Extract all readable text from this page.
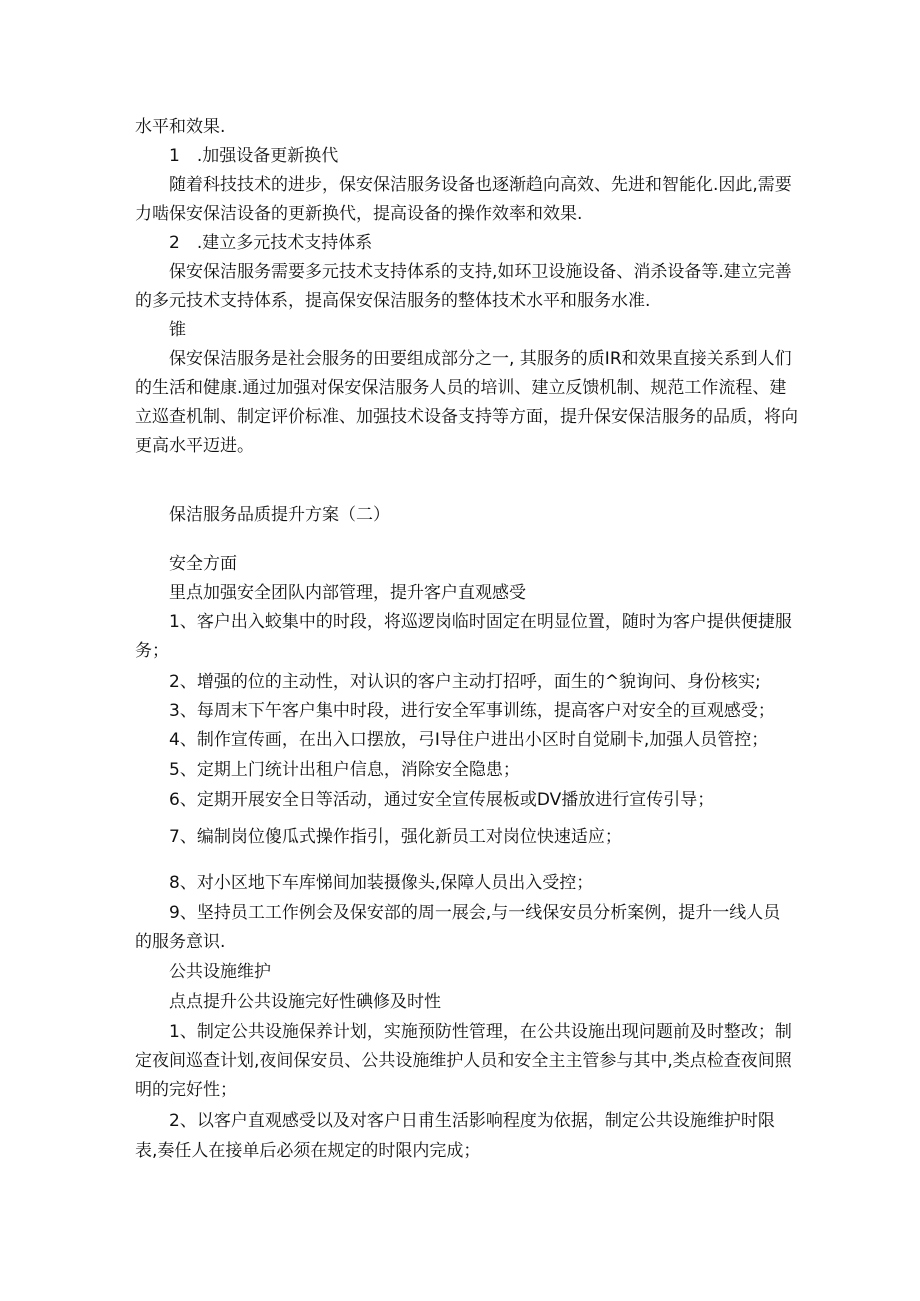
水平和效果.

1　.加强设备更新换代

随着科技技术的进步，保安保洁服务设备也逐渐趋向高效、先进和智能化.因此,需要

力啮保安保洁设备的更新换代，提高设备的操作效率和效果.

2　.建立多元技术支持体系

保安保洁服务需要多元技术支持体系的支持,如环卫设施设备、消杀设备等.建立完善

的多元技术支持体系，提高保安保洁服务的整体技术水平和服务水准.

锥

保安保洁服务是社会服务的田要组成部分之一, 其服务的质IR和效果直接关系到人们

的生活和健康.通过加强对保安保洁服务人员的培训、建立反馈机制、规范工作流程、建

立巡查机制、制定评价标准、加强技术设备支持等方面，提升保安保洁服务的品质，将向

更高水平迈进。

保洁服务品质提升方案（二）

安全方面

里点加强安全团队内部管理，提升客户直观感受

1、客户出入蛟集中的时段，将巡逻岗临时固定在明显位置，随时为客户提供便捷服

务；

2、增强的位的主动性，对认识的客户主动打招呼，面生的^貌询问、身份核实;

3、每周末下午客户集中时段，进行安全军事训练，提高客户对安全的亘观感受；

4、制作宣传画，在出入口摆放，弓I导住户进出小区时自觉刷卡,加强人员管控；

5、定期上门统计出租户信息，消除安全隐患；

6、定期开展安全日等活动，通过安全宣传展板或DV播放进行宣传引导；

7、编制岗位傻瓜式操作指引，强化新员工对岗位快速适应；

8、对小区地下车库悌间加装摄像头,保障人员出入受控；

9、坚持员工工作例会及保安部的周一展会,与一线保安员分析案例，提升一线人员

的服务意识.

公共设施维护

点点提升公共设施完好性碘修及时性

1、制定公共设施保养计划，实施预防性管理，在公共设施出现问题前及时整改；制

定夜间巡查计划,夜间保安员、公共设施维护人员和安全主主管参与其中,类点检查夜间照

明的完好性；

2、以客户直观感受以及对客户日甫生活影响程度为依据，制定公共设施维护时限

表,奏任人在接单后必须在规定的时限内完成；
